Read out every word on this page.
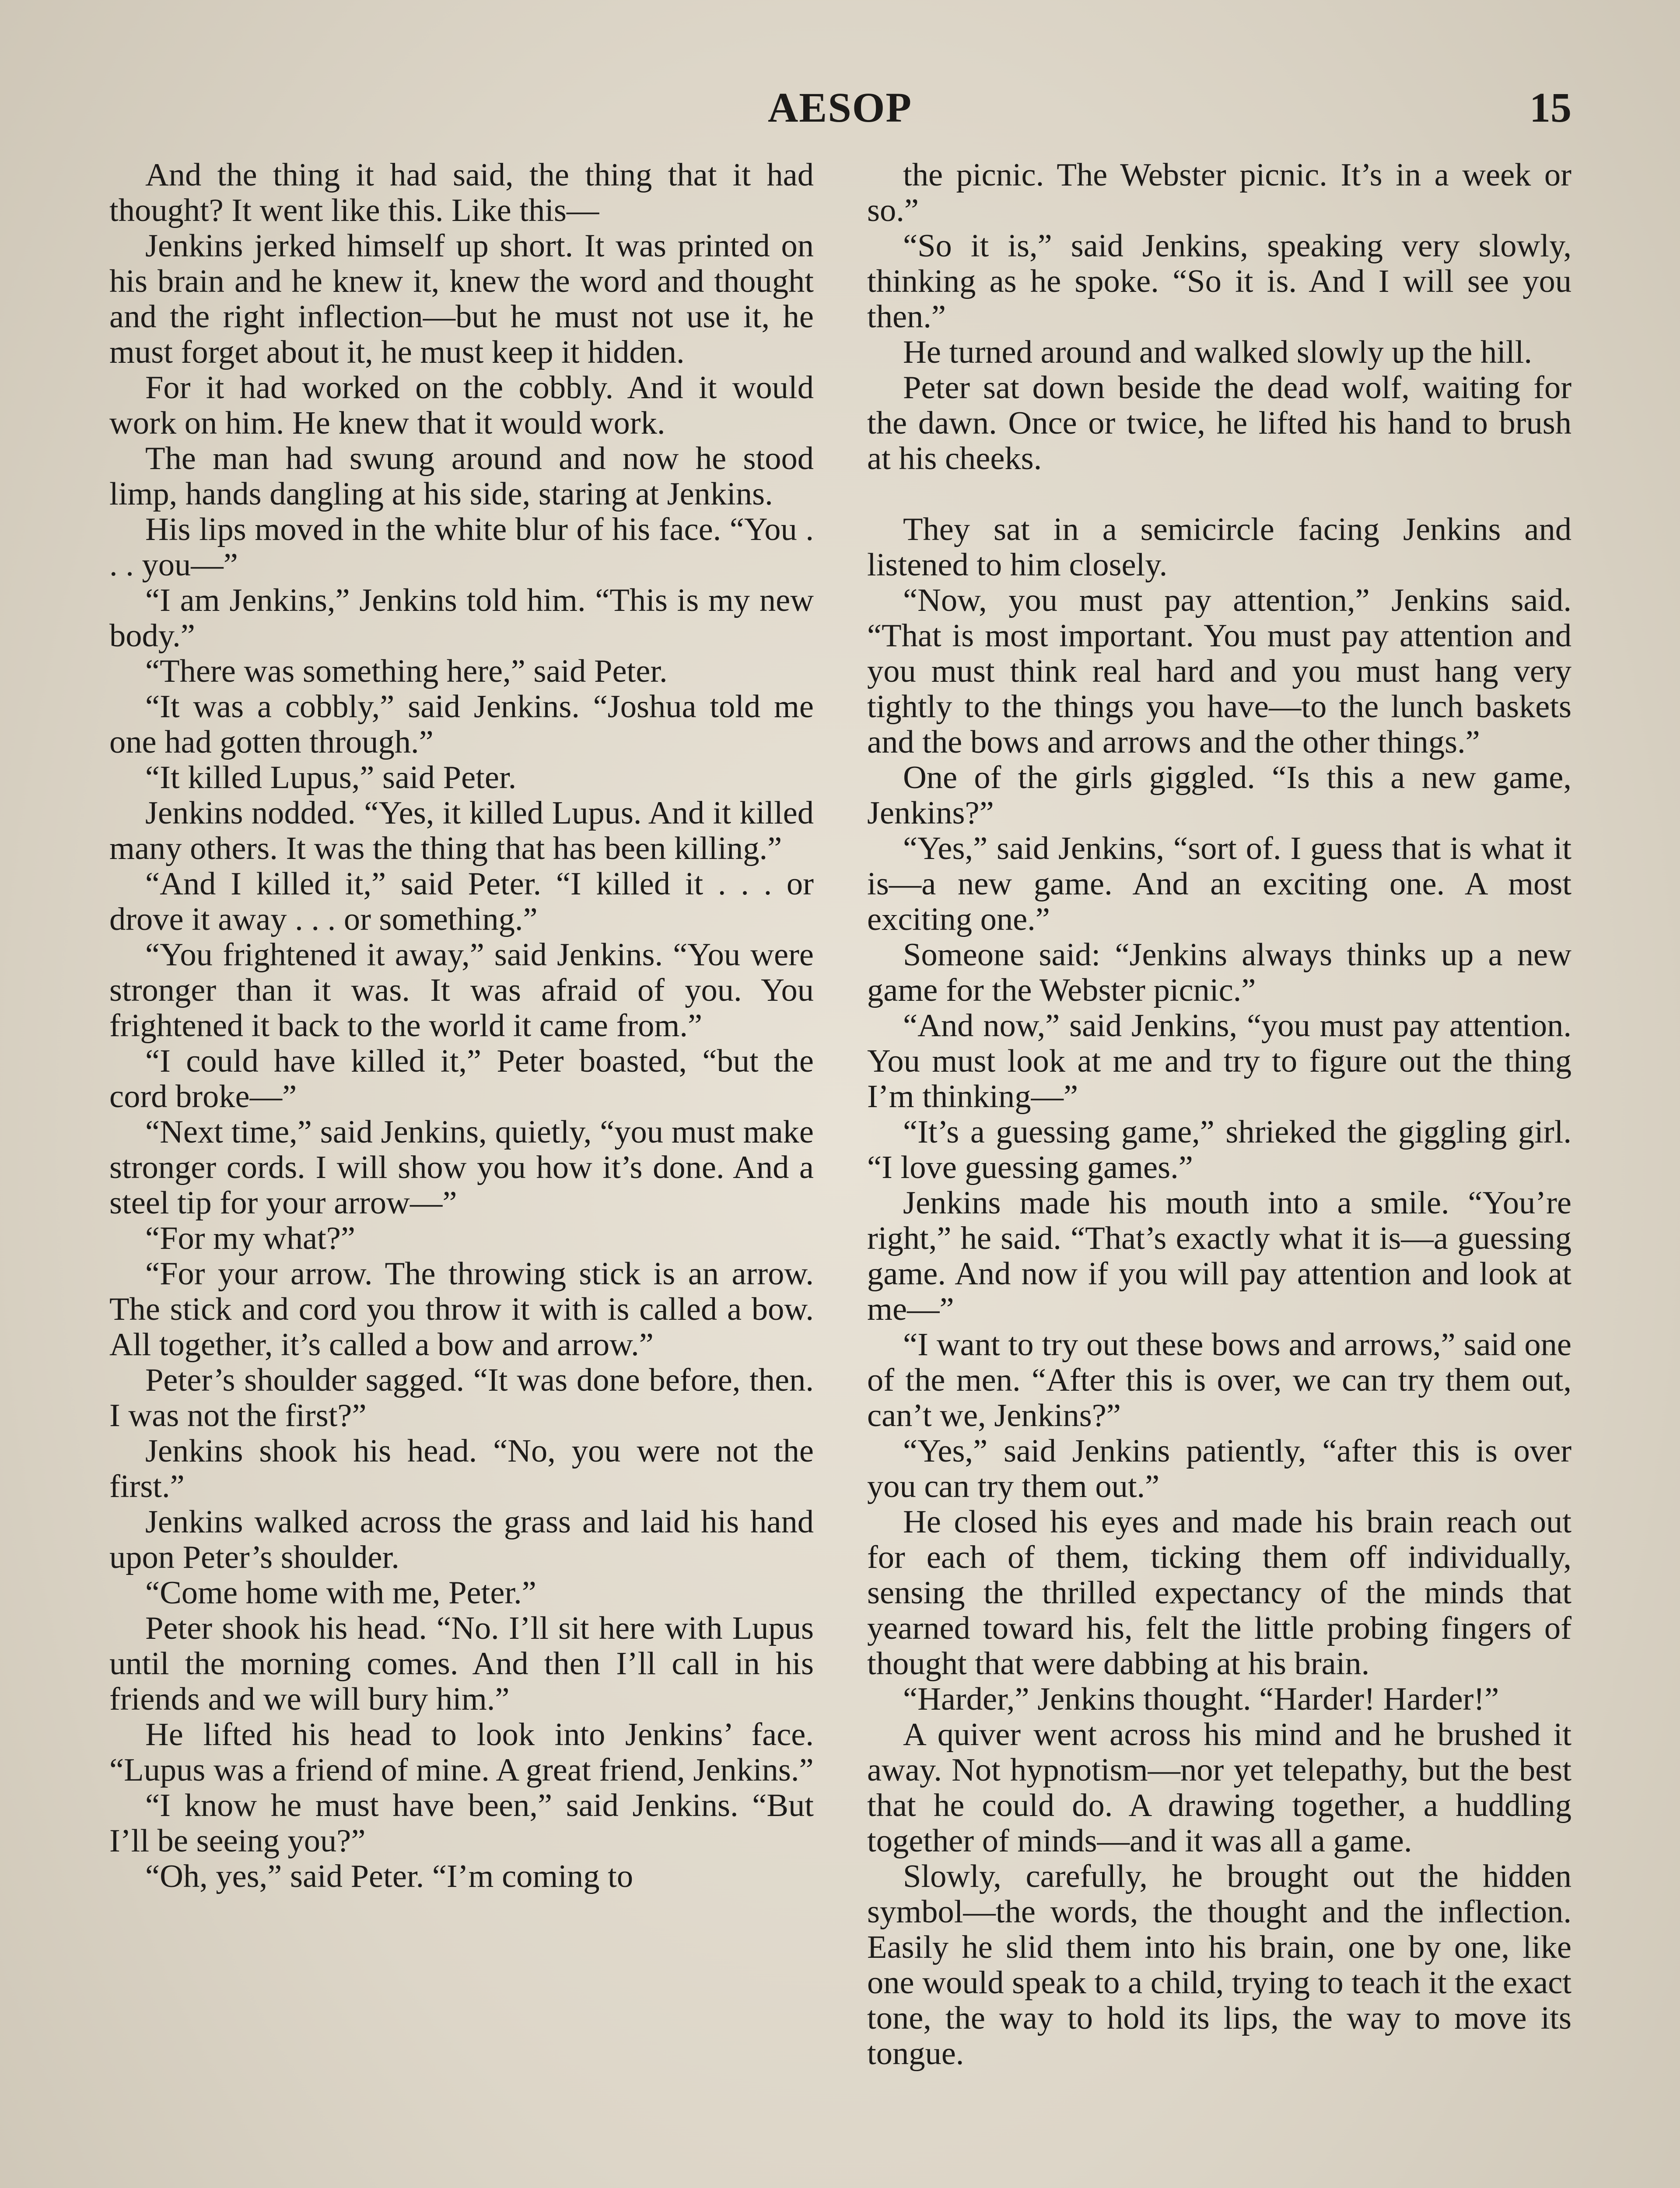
AESOP	15

And the thing it had said, the thing that it had thought? It went like this. Like this—

Jenkins jerked himself up short. It was printed on his brain and he knew it, knew the word and thought and the right inflection—but he must not use it, he must forget about it, he must keep it hidden.

For it had worked on the cobbly. And it would work on him. He knew that it would work.

The man had swung around and now he stood limp, hands dangling at his side, staring at Jenkins.

His lips moved in the white blur of his face. “You . . . you—”

“I am Jenkins,” Jenkins told him. “This is my new body.”

“There was something here,” said Peter.

“It was a cobbly,” said Jenkins. “Joshua told me one had gotten through.”

“It killed Lupus,” said Peter.

Jenkins nodded. “Yes, it killed Lupus. And it killed many others. It was the thing that has been killing.”

“And I killed it,” said Peter. “I killed it . . . or drove it away . . . or something.”

“You frightened it away,” said Jenkins. “You were stronger than it was. It was afraid of you. You frightened it back to the world it came from.”

“I could have killed it,” Peter boasted, “but the cord broke—”

“Next time,” said Jenkins, quietly, “you must make stronger cords. I will show you how it’s done. And a steel tip for your arrow—”

“For my what?”

“For your arrow. The throwing stick is an arrow. The stick and cord you throw it with is called a bow. All together, it’s called a bow and arrow.”

Peter’s shoulder sagged. “It was done before, then. I was not the first?”

Jenkins shook his head. “No, you were not the first.”

Jenkins walked across the grass and laid his hand upon Peter’s shoulder.

“Come home with me, Peter.”

Peter shook his head. “No. I’ll sit here with Lupus until the morning comes. And then I’ll call in his friends and we will bury him.”

He lifted his head to look into Jenkins’ face. “Lupus was a friend of mine. A great friend, Jenkins.”

“I know he must have been,” said Jenkins. “But I’ll be seeing you?”

“Oh, yes,” said Peter. “I’m coming to

the picnic. The Webster picnic. It’s in a week or so.”

“So it is,” said Jenkins, speaking very slowly, thinking as he spoke. “So it is. And I will see you then.”

He turned around and walked slowly up the hill.

Peter sat down beside the dead wolf, waiting for the dawn. Once or twice, he lifted his hand to brush at his cheeks.

They sat in a semicircle facing Jenkins and listened to him closely.

“Now, you must pay attention,” Jenkins said. “That is most important. You must pay attention and you must think real hard and you must hang very tightly to the things you have—to the lunch baskets and the bows and arrows and the other things.”

One of the girls giggled. “Is this a new game, Jenkins?”

“Yes,” said Jenkins, “sort of. I guess that is what it is—a new game. And an exciting one. A most exciting one.”

Someone said: “Jenkins always thinks up a new game for the Webster picnic.”

“And now,” said Jenkins, “you must pay attention. You must look at me and try to figure out the thing I’m thinking—”

“It’s a guessing game,” shrieked the giggling girl. “I love guessing games.”

Jenkins made his mouth into a smile. “You’re right,” he said. “That’s exactly what it is—a guessing game. And now if you will pay attention and look at me—”

“I want to try out these bows and arrows,” said one of the men. “After this is over, we can try them out, can’t we, Jenkins?”

“Yes,” said Jenkins patiently, “after this is over you can try them out.”

He closed his eyes and made his brain reach out for each of them, ticking them off individually, sensing the thrilled expectancy of the minds that yearned toward his, felt the little probing fingers of thought that were dabbing at his brain.

“Harder,” Jenkins thought. “Harder! Harder!”

A quiver went across his mind and he brushed it away. Not hypnotism—nor yet telepathy, but the best that he could do. A drawing together, a huddling together of minds—and it was all a game.

Slowly, carefully, he brought out the hidden symbol—the words, the thought and the inflection. Easily he slid them into his brain, one by one, like one would speak to a child, trying to teach it the exact tone, the way to hold its lips, the way to move its tongue.
